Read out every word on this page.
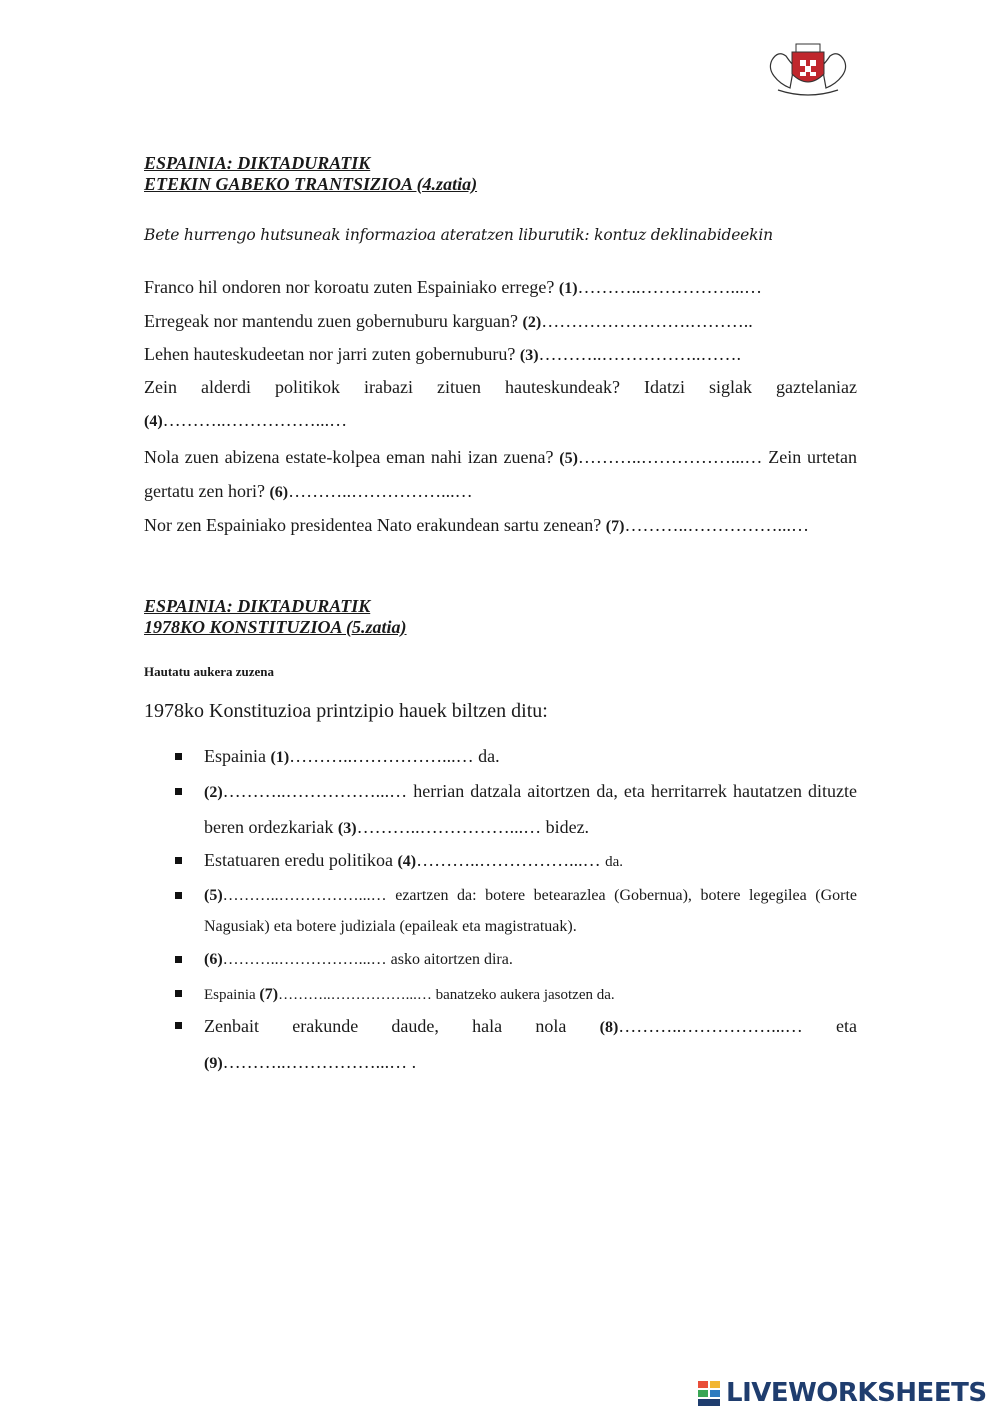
ESPAINIA: DIKTADURATIK
ETEKIN GABEKO TRANTSIZIOA (4.zatia)
Bete hurrengo hutsuneak informazioa ateratzen liburutik: kontuz deklinabideekin
Franco hil ondoren nor koroatu zuten Espainiako errege? (1)………..……………...…
Erregeak nor mantendu zuen gobernuburu karguan? (2)…………………….………..
Lehen hauteskudeetan nor jarri zuten gobernuburu? (3)………..……………..…….
Zein alderdi politikok irabazi zituen hauteskundeak? Idatzi siglak gaztelaniaz (4)………..……………...…
Nola zuen abizena estate-kolpea eman nahi izan zuena? (5)………..……………...… Zein urtetan gertatu zen hori? (6)………..……………...…
Nor zen Espainiako presidentea Nato erakundean sartu zenean? (7)………..……………...…
ESPAINIA: DIKTADURATIK
1978KO KONSTITUZIOA (5.zatia)
Hautatu aukera zuzena
1978ko Konstituzioa printzipio hauek biltzen ditu:
Espainia (1)………..……………...… da.
(2)………..……………...… herrian datzala aitortzen da, eta herritarrek hautatzen dituzte beren ordezkariak (3)………..……………...… bidez.
Estatuaren eredu politikoa (4)………..……………...… da.
(5)………..……………...… ezartzen da: botere betearazlea (Gobernua), botere legegilea (Gorte Nagusiak) eta botere judiziala (epaileak eta magistratuak).
(6)………..……………...… asko aitortzen dira.
Espainia (7)………..……………...… banatzeko aukera jasotzen da.
Zenbait erakunde daude, hala nola (8)………..……………...… eta (9)………..……………...… .
LIVEWORKSHEETS
